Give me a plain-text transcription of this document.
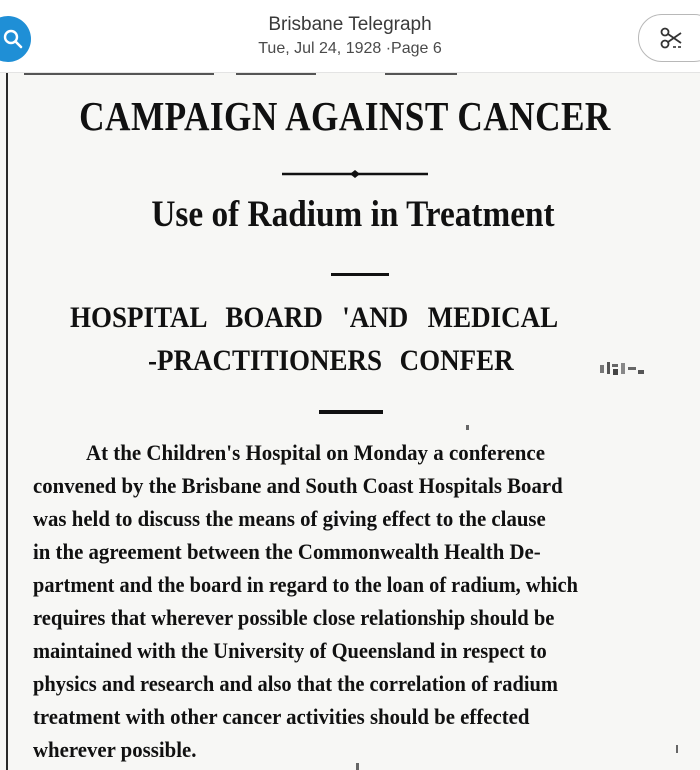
Brisbane Telegraph
Tue, Jul 24, 1928 ·Page 6
CAMPAIGN AGAINST CANCER
Use of Radium in Treatment
HOSPITAL BOARD 'AND MEDICAL
-PRACTITIONERS CONFER
At the Children's Hospital on Monday a conference
convened by the Brisbane and South Coast Hospitals Board
was held to discuss the means of giving effect to the clause
in the agreement between the Commonwealth Health De-
partment and the board in regard to the loan of radium, which
requires that wherever possible close relationship should be
maintained with the University of Queensland in respect to
physics and research and also that the correlation of radium
treatment with other cancer activities should be effected
wherever possible.
